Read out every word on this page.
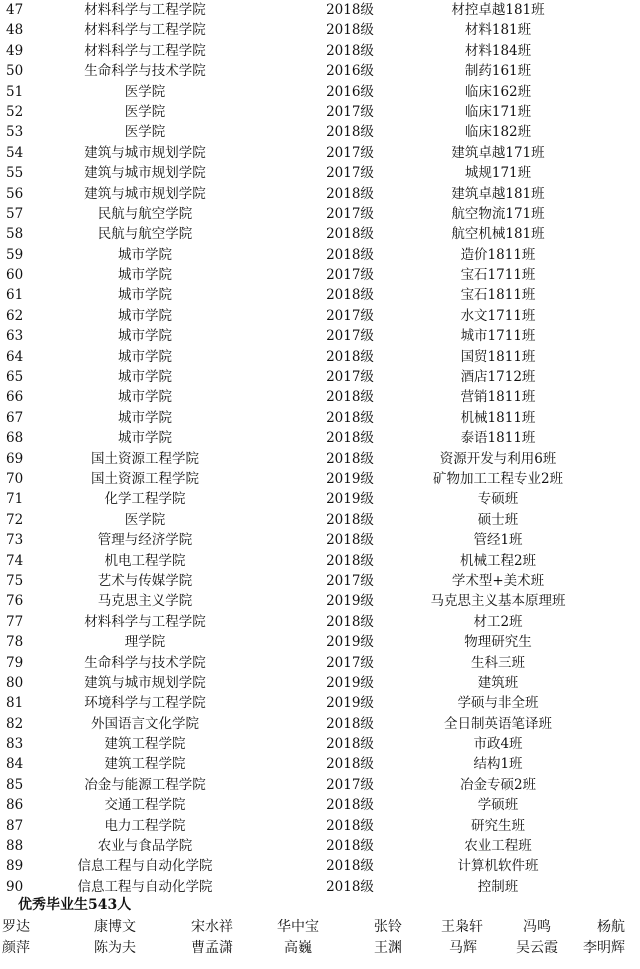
47	材料科学与工程学院	2018级	材控卓越181班
48	材料科学与工程学院	2018级	材料181班
49	材料科学与工程学院	2018级	材料184班
50	生命科学与技术学院	2016级	制药161班
51	医学院	2016级	临床162班
52	医学院	2017级	临床171班
53	医学院	2018级	临床182班
54	建筑与城市规划学院	2017级	建筑卓越171班
55	建筑与城市规划学院	2017级	城规171班
56	建筑与城市规划学院	2018级	建筑卓越181班
57	民航与航空学院	2017级	航空物流171班
58	民航与航空学院	2018级	航空机械181班
59	城市学院	2018级	造价1811班
60	城市学院	2017级	宝石1711班
61	城市学院	2018级	宝石1811班
62	城市学院	2017级	水文1711班
63	城市学院	2017级	城市1711班
64	城市学院	2018级	国贸1811班
65	城市学院	2017级	酒店1712班
66	城市学院	2018级	营销1811班
67	城市学院	2018级	机械1811班
68	城市学院	2018级	泰语1811班
69	国土资源工程学院	2018级	资源开发与利用6班
70	国土资源工程学院	2019级	矿物加工工程专业2班
71	化学工程学院	2019级	专硕班
72	医学院	2018级	硕士班
73	管理与经济学院	2018级	管经1班
74	机电工程学院	2018级	机械工程2班
75	艺术与传媒学院	2017级	学术型+美术班
76	马克思主义学院	2019级	马克思主义基本原理班
77	材料科学与工程学院	2018级	材工2班
78	理学院	2019级	物理研究生
79	生命科学与技术学院	2017级	生科三班
80	建筑与城市规划学院	2019级	建筑班
81	环境科学与工程学院	2019级	学硕与非全班
82	外国语言文化学院	2018级	全日制英语笔译班
83	建筑工程学院	2018级	市政4班
84	建筑工程学院	2018级	结构1班
85	冶金与能源工程学院	2017级	冶金专硕2班
86	交通工程学院	2018级	学硕班
87	电力工程学院	2018级	研究生班
88	农业与食品学院	2018级	农业工程班
89	信息工程与自动化学院	2018级	计算机软件班
90	信息工程与自动化学院	2018级	控制班
优秀毕业生543人
罗达	康博文	宋水祥	华中宝	张铃	王枭轩	冯鸣	杨航
颜萍	陈为夫	曹孟潇	高巍	王渊	马辉	吴云霞 李明辉
